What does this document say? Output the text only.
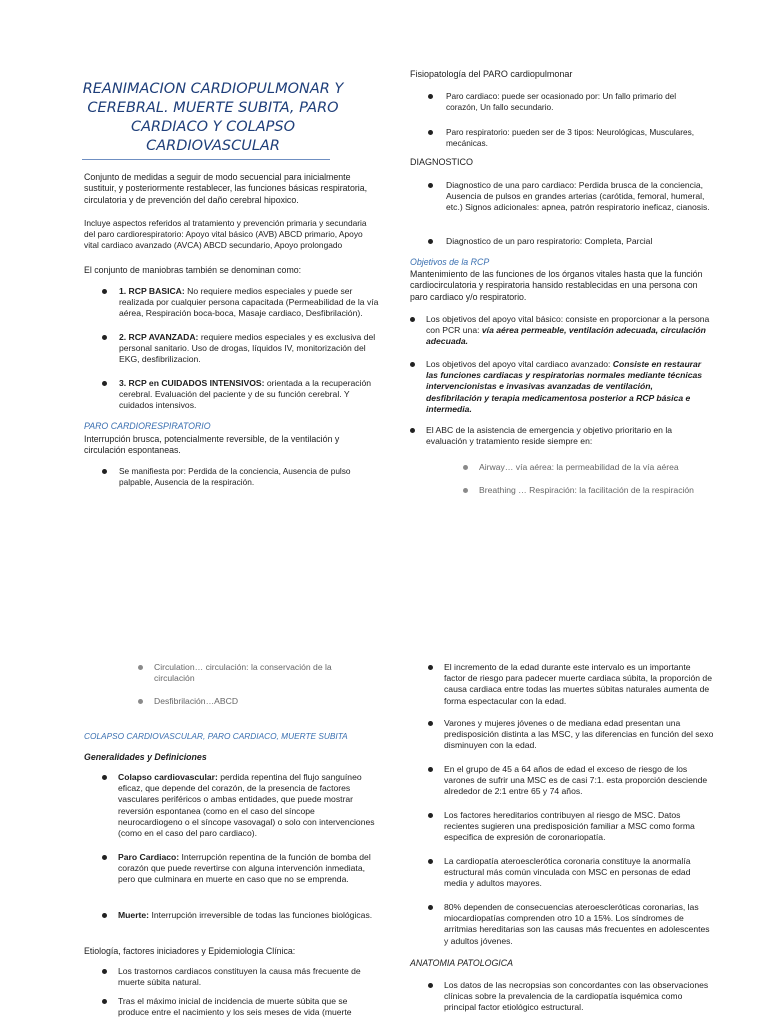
REANIMACION CARDIOPULMONAR Y CEREBRAL. MUERTE SUBITA, PARO CARDIACO Y COLAPSO CARDIOVASCULAR

Conjunto de medidas a seguir de modo secuencial para inicialmente sustituir, y posteriormente restablecer, las funciones básicas respiratoria, circulatoria y de prevención del daño cerebral hipoxico.

Incluye aspectos referidos al tratamiento y prevención primaria y secundaria del paro cardiorespiratorio: Apoyo vital básico (AVB) ABCD primario, Apoyo vital cardiaco avanzado (AVCA) ABCD secundario, Apoyo prolongado

El conjunto de maniobras también se denominan como:

1. RCP BASICA: No requiere medios especiales y puede ser realizada por cualquier persona capacitada (Permeabilidad de la vía aérea, Respiración boca-boca, Masaje cardiaco, Desfibrilación).
2. RCP AVANZADA: requiere medios especiales y es exclusiva del personal sanitario. Uso de drogas, líquidos IV, monitorización del EKG, desfibrilizacion.
3. RCP en CUIDADOS INTENSIVOS: orientada a la recuperación cerebral. Evaluación del paciente y de su función cerebral. Y cuidados intensivos.

PARO CARDIORESPIRATORIO

Interrupción brusca, potencialmente reversible, de la ventilación y circulación espontaneas.

Se manifiesta por: Perdida de la conciencia, Ausencia de pulso palpable, Ausencia de la respiración.

Fisiopatología del PARO cardiopulmonar

Paro cardiaco: puede ser ocasionado por: Un fallo primario del corazón, Un fallo secundario.
Paro respiratorio: pueden ser de 3 tipos: Neurológicas, Musculares, mecánicas.

DIAGNOSTICO

Diagnostico de una paro cardiaco: Perdida brusca de la conciencia, Ausencia de pulsos en grandes arterias (carótida, femoral, humeral, etc.) Signos adicionales: apnea, patrón respiratorio ineficaz, cianosis.
Diagnostico de un paro respiratorio: Completa, Parcial

Objetivos de la RCP

Mantenimiento de las funciones de los órganos vitales hasta que la función cardiocirculatoria y respiratoria hansido restablecidas en una persona con paro cardiaco y/o respiratorio.

Los objetivos del apoyo vital básico: consiste en proporcionar a la persona con PCR una: vía aérea permeable, ventilación adecuada, circulación adecuada.
Los objetivos del apoyo vital cardiaco avanzado: Consiste en restaurar las funciones cardiacas y respiratorias normales mediante técnicas intervencionistas e invasivas avanzadas de ventilación, desfibrilación y terapia medicamentosa posterior a RCP básica e intermedia.
El ABC de la asistencia de emergencia y objetivo prioritario en la evaluación y tratamiento reside siempre en:
Airway… vía aérea: la permeabilidad de la vía aérea
Breathing … Respiración: la facilitación de la respiración
Circulation… circulación: la conservación de la circulación
Desfibrilación…ABCD

COLAPSO CARDIOVASCULAR, PARO CARDIACO, MUERTE SUBITA

Generalidades y Definiciones

Colapso cardiovascular: perdida repentina del flujo sanguíneo eficaz, que depende del corazón, de la presencia de factores vasculares periféricos o ambas entidades, que puede mostrar reversión espontanea (como en el caso del síncope neurocardiogeno o el síncope vasovagal) o solo con intervenciones (como en el caso del paro cardiaco).
Paro Cardiaco: Interrupción repentina de la función de bomba del corazón que puede revertirse con alguna intervención inmediata, pero que culminara en muerte en caso que no se emprenda.
Muerte: Interrupción irreversible de todas las funciones biológicas.

Etiología, factores iniciadores y Epidemiologia Clínica:

Los trastornos cardiacos constituyen la causa más frecuente de muerte súbita natural.
Tras el máximo inicial de incidencia de muerte súbita que se produce entre el nacimiento y los seis meses de vida (muerte
El incremento de la edad durante este intervalo es un importante factor de riesgo para padecer muerte cardiaca súbita, la proporción de causa cardiaca entre todas las muertes súbitas naturales aumenta de forma espectacular con la edad.
Varones y mujeres jóvenes o de mediana edad presentan una predisposición distinta a las MSC, y las diferencias en función del sexo disminuyen con la edad.
En el grupo de 45 a 64 años de edad el exceso de riesgo de los varones de sufrir una MSC es de casi 7:1. esta proporción desciende alrededor de 2:1 entre 65 y 74 años.
Los factores hereditarios contribuyen al riesgo de MSC. Datos recientes sugieren una predisposición familiar a MSC como forma especifica de expresión de coronariopatía.
La cardiopatía ateroesclerótica coronaria constituye la anormalía estructural más común vinculada con MSC en personas de edad media y adultos mayores.
80% dependen de consecuencias ateroescleróticas coronarias, las miocardiopatías comprenden otro 10 a 15%. Los síndromes de arritmias hereditarias son las causas más frecuentes en adolescentes y adultos jóvenes.

ANATOMIA PATOLOGICA

Los datos de las necropsias son concordantes con las observaciones clínicas sobre la prevalencia de la cardiopatía isquémica como principal factor etiológico estructural.
